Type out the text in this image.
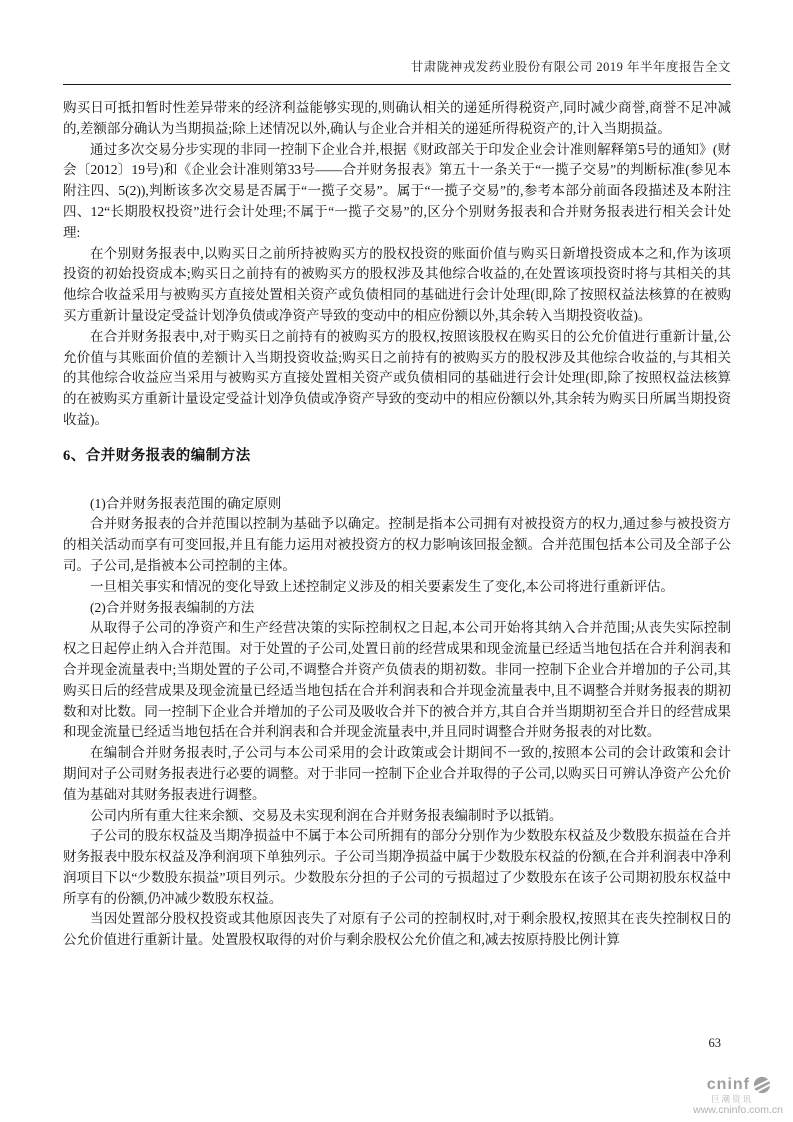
甘肃陇神戎发药业股份有限公司 2019 年半年度报告全文

购买日可抵扣暂时性差异带来的经济利益能够实现的,则确认相关的递延所得税资产,同时减少商誉,商誉不足冲减的,差额部分确认为当期损益;除上述情况以外,确认与企业合并相关的递延所得税资产的,计入当期损益。

通过多次交易分步实现的非同一控制下企业合并,根据《财政部关于印发企业会计准则解释第5号的通知》(财会〔2012〕19号)和《企业会计准则第33号——合并财务报表》第五十一条关于“一揽子交易”的判断标准(参见本附注四、5(2)),判断该多次交易是否属于“一揽子交易”。属于“一揽子交易”的,参考本部分前面各段描述及本附注四、12“长期股权投资”进行会计处理;不属于“一揽子交易”的,区分个别财务报表和合并财务报表进行相关会计处理:

在个别财务报表中,以购买日之前所持被购买方的股权投资的账面价值与购买日新增投资成本之和,作为该项投资的初始投资成本;购买日之前持有的被购买方的股权涉及其他综合收益的,在处置该项投资时将与其相关的其他综合收益采用与被购买方直接处置相关资产或负债相同的基础进行会计处理(即,除了按照权益法核算的在被购买方重新计量设定受益计划净负债或净资产导致的变动中的相应份额以外,其余转入当期投资收益)。

在合并财务报表中,对于购买日之前持有的被购买方的股权,按照该股权在购买日的公允价值进行重新计量,公允价值与其账面价值的差额计入当期投资收益;购买日之前持有的被购买方的股权涉及其他综合收益的,与其相关的其他综合收益应当采用与被购买方直接处置相关资产或负债相同的基础进行会计处理(即,除了按照权益法核算的在被购买方重新计量设定受益计划净负债或净资产导致的变动中的相应份额以外,其余转为购买日所属当期投资收益)。

6、合并财务报表的编制方法

(1)合并财务报表范围的确定原则

合并财务报表的合并范围以控制为基础予以确定。控制是指本公司拥有对被投资方的权力,通过参与被投资方的相关活动而享有可变回报,并且有能力运用对被投资方的权力影响该回报金额。合并范围包括本公司及全部子公司。子公司,是指被本公司控制的主体。

一旦相关事实和情况的变化导致上述控制定义涉及的相关要素发生了变化,本公司将进行重新评估。

(2)合并财务报表编制的方法

从取得子公司的净资产和生产经营决策的实际控制权之日起,本公司开始将其纳入合并范围;从丧失实际控制权之日起停止纳入合并范围。对于处置的子公司,处置日前的经营成果和现金流量已经适当地包括在合并利润表和合并现金流量表中;当期处置的子公司,不调整合并资产负债表的期初数。非同一控制下企业合并增加的子公司,其购买日后的经营成果及现金流量已经适当地包括在合并利润表和合并现金流量表中,且不调整合并财务报表的期初数和对比数。同一控制下企业合并增加的子公司及吸收合并下的被合并方,其自合并当期期初至合并日的经营成果和现金流量已经适当地包括在合并利润表和合并现金流量表中,并且同时调整合并财务报表的对比数。

在编制合并财务报表时,子公司与本公司采用的会计政策或会计期间不一致的,按照本公司的会计政策和会计期间对子公司财务报表进行必要的调整。对于非同一控制下企业合并取得的子公司,以购买日可辨认净资产公允价值为基础对其财务报表进行调整。

公司内所有重大往来余额、交易及未实现利润在合并财务报表编制时予以抵销。

子公司的股东权益及当期净损益中不属于本公司所拥有的部分分别作为少数股东权益及少数股东损益在合并财务报表中股东权益及净利润项下单独列示。子公司当期净损益中属于少数股东权益的份额,在合并利润表中净利润项目下以“少数股东损益”项目列示。少数股东分担的子公司的亏损超过了少数股东在该子公司期初股东权益中所享有的份额,仍冲减少数股东权益。

当因处置部分股权投资或其他原因丧失了对原有子公司的控制权时,对于剩余股权,按照其在丧失控制权日的公允价值进行重新计量。处置股权取得的对价与剩余股权公允价值之和,减去按原持股比例计算

63
cninf
巨潮资讯
www.cninfo.com.cn
